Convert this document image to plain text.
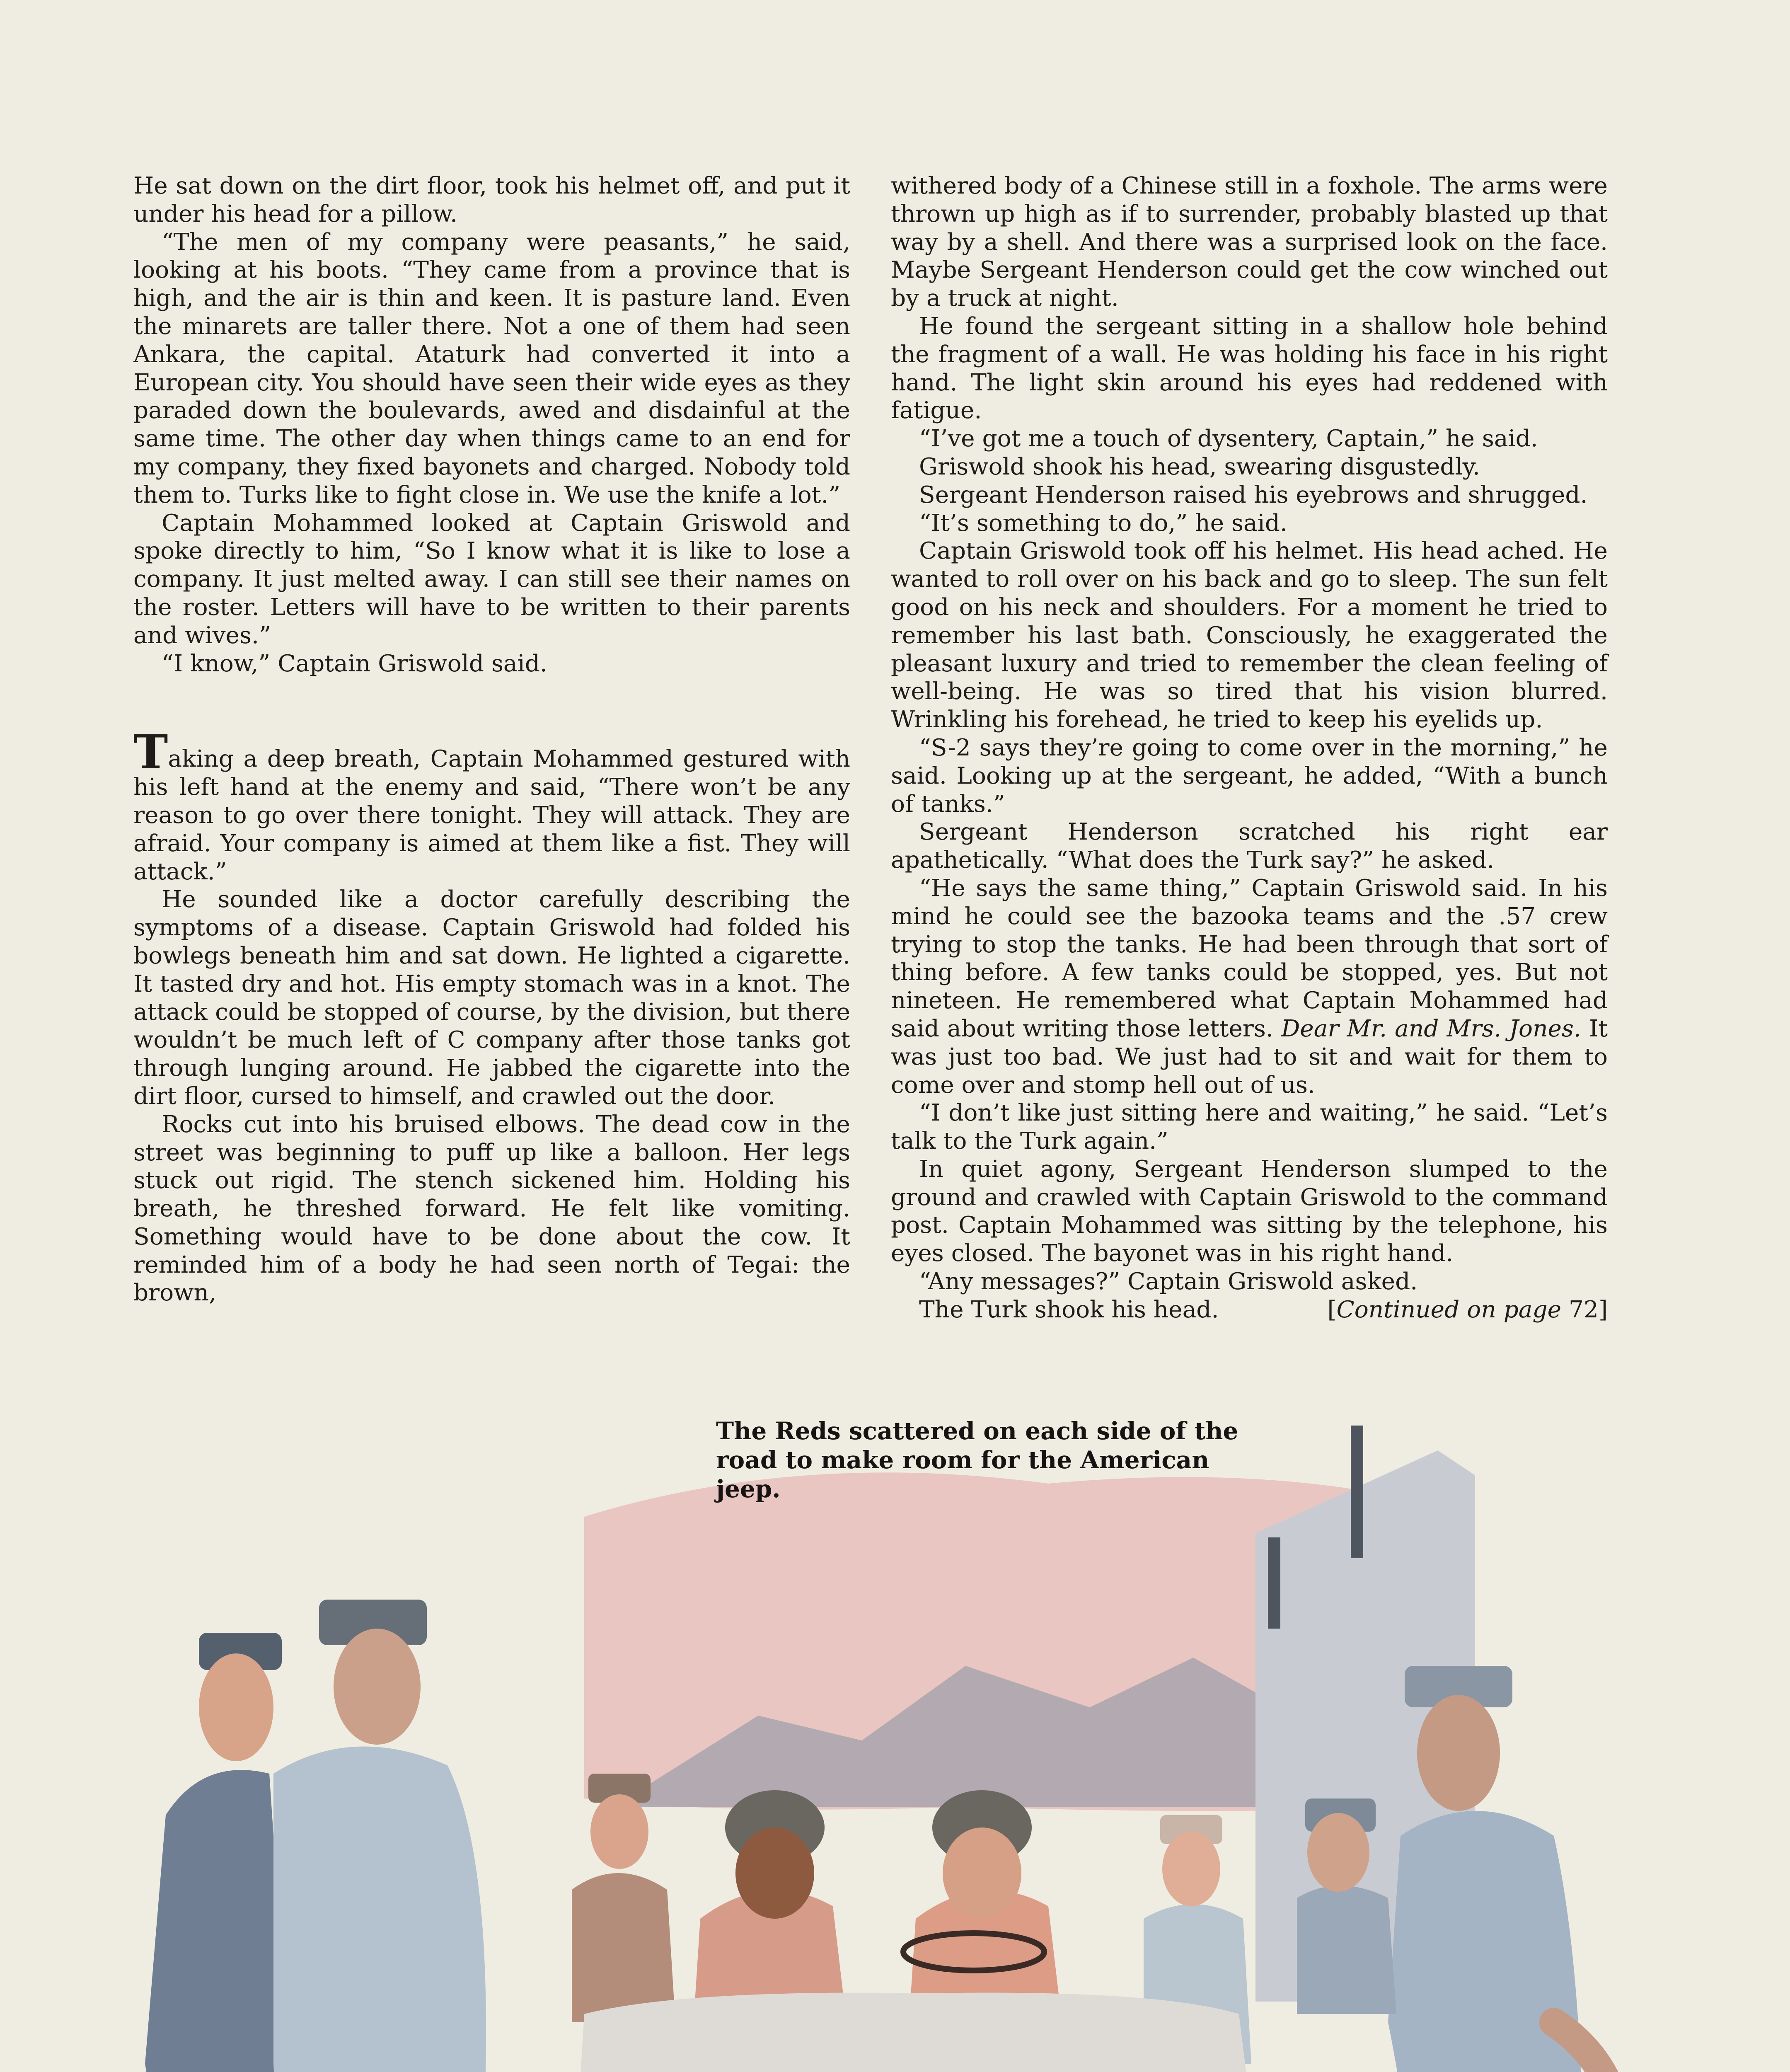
He sat down on the dirt floor, took his helmet off, and put it under his head for a pillow.

“The men of my company were peasants,” he said, looking at his boots. “They came from a province that is high, and the air is thin and keen. It is pasture land. Even the minarets are taller there. Not a one of them had seen Ankara, the capital. Ataturk had converted it into a European city. You should have seen their wide eyes as they paraded down the boulevards, awed and disdainful at the same time. The other day when things came to an end for my company, they fixed bayonets and charged. Nobody told them to. Turks like to fight close in. We use the knife a lot.”

Captain Mohammed looked at Captain Griswold and spoke directly to him, “So I know what it is like to lose a company. It just melted away. I can still see their names on the roster. Letters will have to be written to their parents and wives.”

“I know,” Captain Griswold said.

Taking a deep breath, Captain Mohammed gestured with his left hand at the enemy and said, “There won’t be any reason to go over there tonight. They will attack. They are afraid. Your company is aimed at them like a fist. They will attack.”

He sounded like a doctor carefully describing the symptoms of a disease. Captain Griswold had folded his bowlegs beneath him and sat down. He lighted a cigarette. It tasted dry and hot. His empty stomach was in a knot. The attack could be stopped of course, by the division, but there wouldn’t be much left of C company after those tanks got through lunging around. He jabbed the cigarette into the dirt floor, cursed to himself, and crawled out the door.

Rocks cut into his bruised elbows. The dead cow in the street was beginning to puff up like a balloon. Her legs stuck out rigid. The stench sickened him. Holding his breath, he threshed forward. He felt like vomiting. Something would have to be done about the cow. It reminded him of a body he had seen north of Tegai: the brown,

withered body of a Chinese still in a foxhole. The arms were thrown up high as if to surrender, probably blasted up that way by a shell. And there was a surprised look on the face. Maybe Sergeant Henderson could get the cow winched out by a truck at night.

He found the sergeant sitting in a shallow hole behind the fragment of a wall. He was holding his face in his right hand. The light skin around his eyes had reddened with fatigue.

“I’ve got me a touch of dysentery, Captain,” he said.

Griswold shook his head, swearing disgustedly.

Sergeant Henderson raised his eyebrows and shrugged.

“It’s something to do,” he said.

Captain Griswold took off his helmet. His head ached. He wanted to roll over on his back and go to sleep. The sun felt good on his neck and shoulders. For a moment he tried to remember his last bath. Consciously, he exaggerated the pleasant luxury and tried to remember the clean feeling of well-being. He was so tired that his vision blurred. Wrinkling his forehead, he tried to keep his eyelids up.

“S-2 says they’re going to come over in the morning,” he said. Looking up at the sergeant, he added, “With a bunch of tanks.”

Sergeant Henderson scratched his right ear apathetically. “What does the Turk say?” he asked.

“He says the same thing,” Captain Griswold said. In his mind he could see the bazooka teams and the .57 crew trying to stop the tanks. He had been through that sort of thing before. A few tanks could be stopped, yes. But not nineteen. He remembered what Captain Mohammed had said about writing those letters. Dear Mr. and Mrs. Jones. It was just too bad. We just had to sit and wait for them to come over and stomp hell out of us.

“I don’t like just sitting here and waiting,” he said. “Let’s talk to the Turk again.”

In quiet agony, Sergeant Henderson slumped to the ground and crawled with Captain Griswold to the command post. Captain Mohammed was sitting by the telephone, his eyes closed. The bayonet was in his right hand.

“Any messages?” Captain Griswold asked.

The Turk shook his head.	[Continued on page 72]

The Reds scattered on each side of the road to make room for the American jeep.
